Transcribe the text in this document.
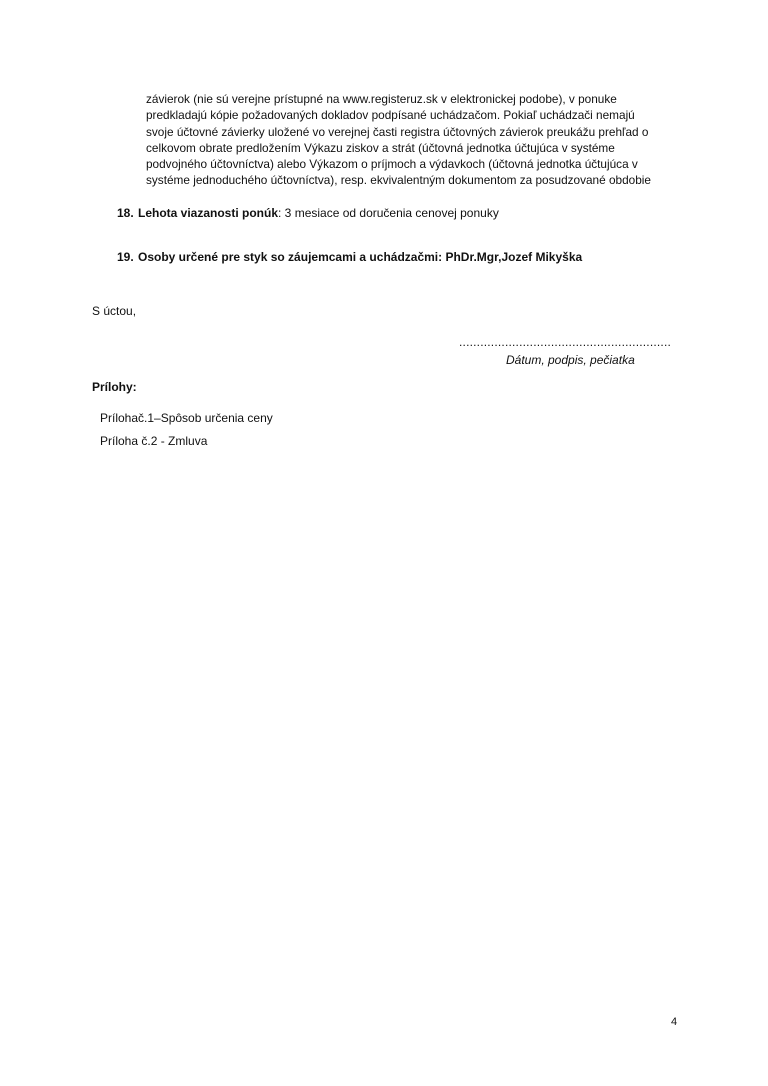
závierok (nie sú verejne prístupné na www.registeruz.sk v elektronickej podobe), v ponuke
predkladajú kópie požadovaných dokladov podpísané uchádzačom. Pokiaľ uchádzači nemajú
svoje účtovné závierky uložené vo verejnej časti registra účtovných závierok preukážu prehľad o
celkovom obrate predložením Výkazu ziskov a strát (účtovná jednotka účtujúca v systéme
podvojného účtovníctva) alebo Výkazom o príjmoch a výdavkoch (účtovná jednotka účtujúca v
systéme jednoduchého účtovníctva), resp. ekvivalentným dokumentom za posudzované obdobie
18. Lehota viazanosti ponúk: 3 mesiace od doručenia cenovej ponuky
19. Osoby určené pre styk so záujemcami a uchádzačmi: PhDr.Mgr,Jozef Mikyška
S úctou,
............................................................
Dátum, podpis, pečiatka
Prílohy:
Prílohač.1–Spôsob určenia ceny
Príloha č.2 - Zmluva
4
